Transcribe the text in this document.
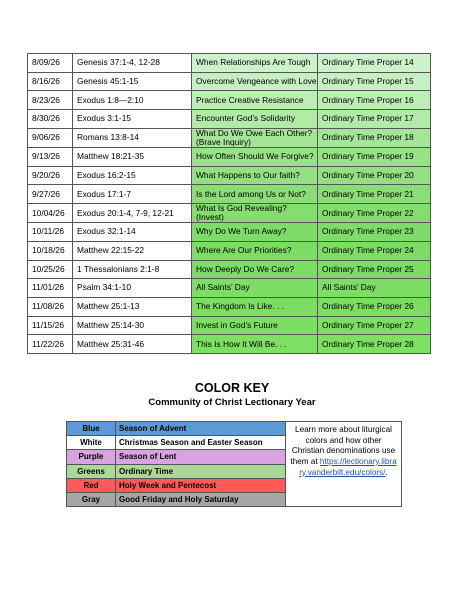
8/09/26	Genesis 37:1-4, 12-28	When Relationships Are Tough	Ordinary Time Proper 14
8/16/26	Genesis 45:1-15	Overcome Vengeance with Love	Ordinary Time Proper 15
8/23/26	Exodus 1:8—2:10	Practice Creative Resistance	Ordinary Time Proper 16
8/30/26	Exodus 3:1-15	Encounter God’s Solidarity	Ordinary Time Proper 17
9/06/26	Romans 13:8-14	What Do We Owe Each Other? (Brave Inquiry)	Ordinary Time Proper 18
9/13/26	Matthew 18:21-35	How Often Should We Forgive?	Ordinary Time Proper 19
9/20/26	Exodus 16:2-15	What Happens to Our faith?	Ordinary Time Proper 20
9/27/26	Exodus 17:1-7	Is the Lord among Us or Not?	Ordinary Time Proper 21
10/04/26	Exodus 20:1-4, 7-9, 12-21	What Is God Revealing? (Invest)	Ordinary Time Proper 22
10/11/26	Exodus 32:1-14	Why Do We Turn Away?	Ordinary Time Proper 23
10/18/26	Matthew 22:15-22	Where Are Our Priorities?	Ordinary Time Proper 24
10/25/26	1 Thessalonians 2:1-8	How Deeply Do We Care?	Ordinary Time Proper 25
11/01/26	Psalm 34:1-10	All Saints’ Day	All Saints’ Day
11/08/26	Matthew 25:1-13	The Kingdom Is Like. . .	Ordinary Time Proper 26
11/15/26	Matthew 25:14-30	Invest in God’s Future	Ordinary Time Proper 27
11/22/26	Matthew 25:31-46	This Is How It Will Be. . .	Ordinary Time Proper 28
COLOR KEY
Community of Christ Lectionary Year
Blue	Season of Advent	Learn more about liturgical colors and how other Christian denominations use them at https://lectionary.library.vanderbilt.edu/colors/.
White	Christmas Season and Easter Season	
Purple	Season of Lent	
Greens	Ordinary Time	
Red	Holy Week and Pentecost	
Gray	Good Friday and Holy Saturday	
